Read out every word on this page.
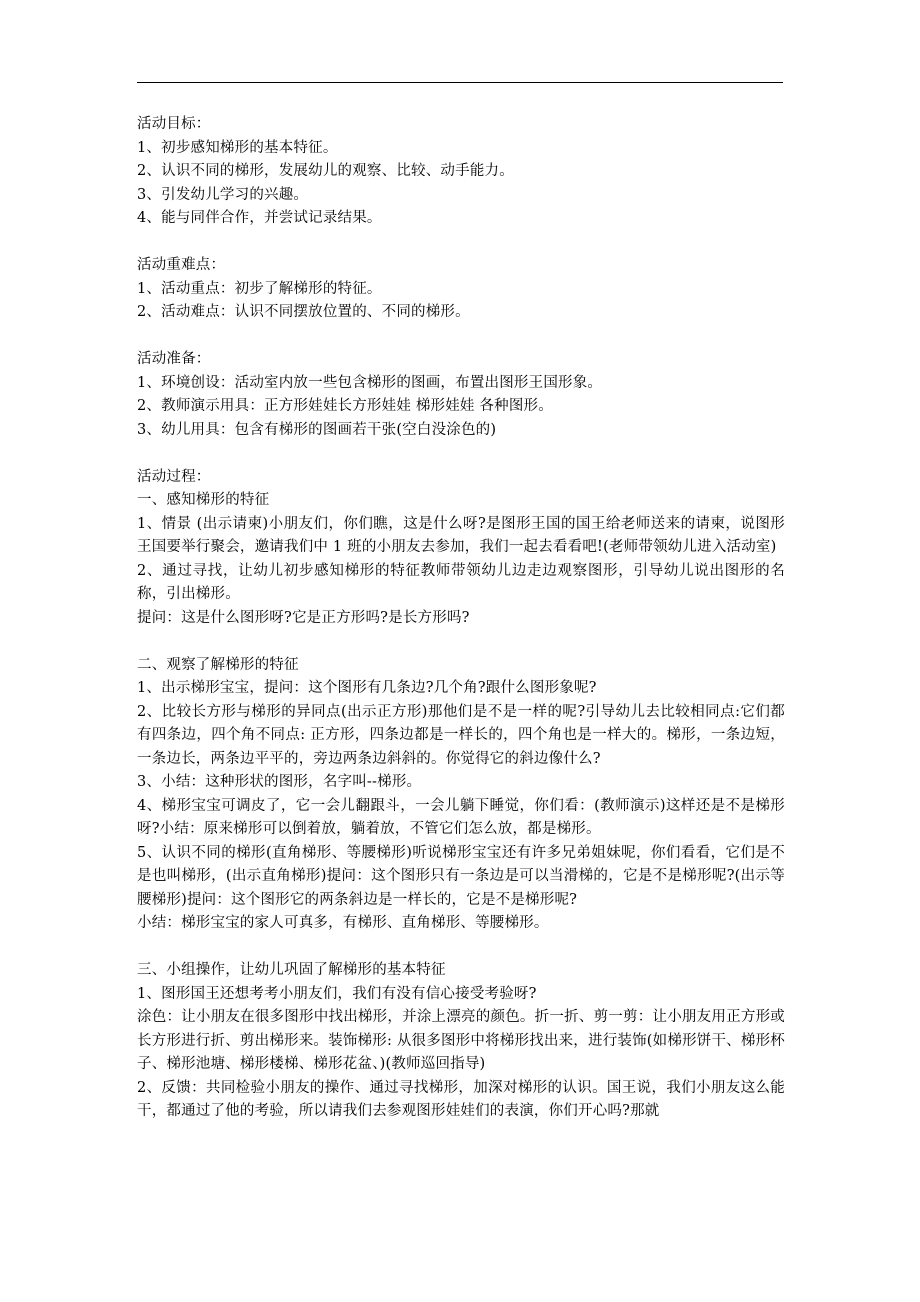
活动目标：

1、初步感知梯形的基本特征。

2、认识不同的梯形，发展幼儿的观察、比较、动手能力。

3、引发幼儿学习的兴趣。

4、能与同伴合作，并尝试记录结果。

活动重难点：

1、活动重点：初步了解梯形的特征。

2、活动难点：认识不同摆放位置的、不同的梯形。

活动准备：

1、环境创设：活动室内放一些包含梯形的图画，布置出图形王国形象。

2、教师演示用具：正方形娃娃长方形娃娃 梯形娃娃 各种图形。

3、幼儿用具：包含有梯形的图画若干张(空白没涂色的)

活动过程：

一、感知梯形的特征

1、情景 (出示请柬)小朋友们，你们瞧，这是什么呀?是图形王国的国王给老师送来的请柬，说图形王国要举行聚会，邀请我们中 1 班的小朋友去参加，我们一起去看看吧!(老师带领幼儿进入活动室)

2、通过寻找，让幼儿初步感知梯形的特征教师带领幼儿边走边观察图形，引导幼儿说出图形的名称，引出梯形。

提问：这是什么图形呀?它是正方形吗?是长方形吗?

二、观察了解梯形的特征

1、出示梯形宝宝，提问：这个图形有几条边?几个角?跟什么图形象呢?

2、比较长方形与梯形的异同点(出示正方形)那他们是不是一样的呢?引导幼儿去比较相同点:它们都有四条边，四个角不同点: 正方形，四条边都是一样长的，四个角也是一样大的。梯形，一条边短，一条边长，两条边平平的，旁边两条边斜斜的。你觉得它的斜边像什么?

3、小结：这种形状的图形，名字叫--梯形。

4、梯形宝宝可调皮了，它一会儿翻跟斗，一会儿躺下睡觉，你们看：(教师演示)这样还是不是梯形呀?小结：原来梯形可以倒着放，躺着放，不管它们怎么放，都是梯形。

5、认识不同的梯形(直角梯形、等腰梯形)听说梯形宝宝还有许多兄弟姐妹呢，你们看看，它们是不是也叫梯形，(出示直角梯形)提问：这个图形只有一条边是可以当滑梯的，它是不是梯形呢?(出示等腰梯形)提问：这个图形它的两条斜边是一样长的，它是不是梯形呢?

小结：梯形宝宝的家人可真多，有梯形、直角梯形、等腰梯形。

三、小组操作，让幼儿巩固了解梯形的基本特征

1、图形国王还想考考小朋友们，我们有没有信心接受考验呀?

涂色：让小朋友在很多图形中找出梯形，并涂上漂亮的颜色。折一折、剪一剪：让小朋友用正方形或长方形进行折、剪出梯形来。装饰梯形: 从很多图形中将梯形找出来，进行装饰(如梯形饼干、梯形杯子、梯形池塘、梯形楼梯、梯形花盆、)(教师巡回指导)

2、反馈：共同检验小朋友的操作、通过寻找梯形，加深对梯形的认识。国王说，我们小朋友这么能干，都通过了他的考验，所以请我们去参观图形娃娃们的表演，你们开心吗?那就
